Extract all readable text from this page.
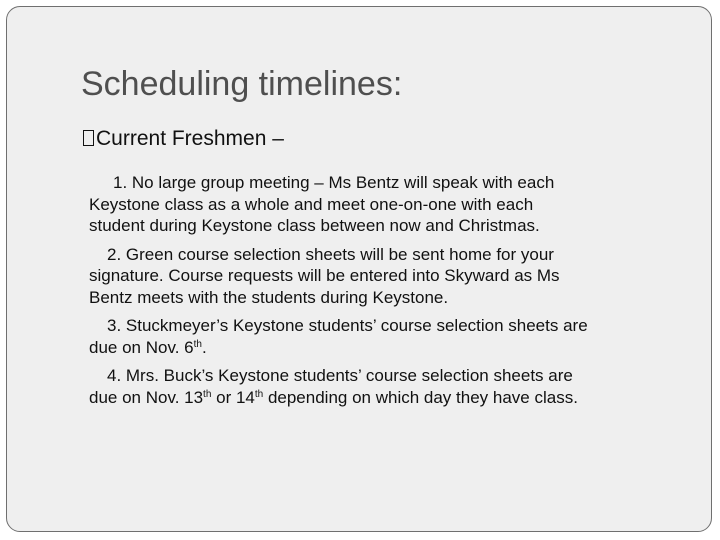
Scheduling timelines:
Current Freshmen –
1. No large group meeting – Ms Bentz will speak with each
Keystone class as a whole and meet one-on-one with each
student during Keystone class between now and Christmas.
2. Green course selection sheets will be sent home for your
signature. Course requests will be entered into Skyward as Ms
Bentz meets with the students during Keystone.
3. Stuckmeyer’s Keystone students’ course selection sheets are
due on Nov. 6th.
4. Mrs. Buck’s Keystone students’ course selection sheets are
due on Nov. 13th or 14th depending on which day they have class.
